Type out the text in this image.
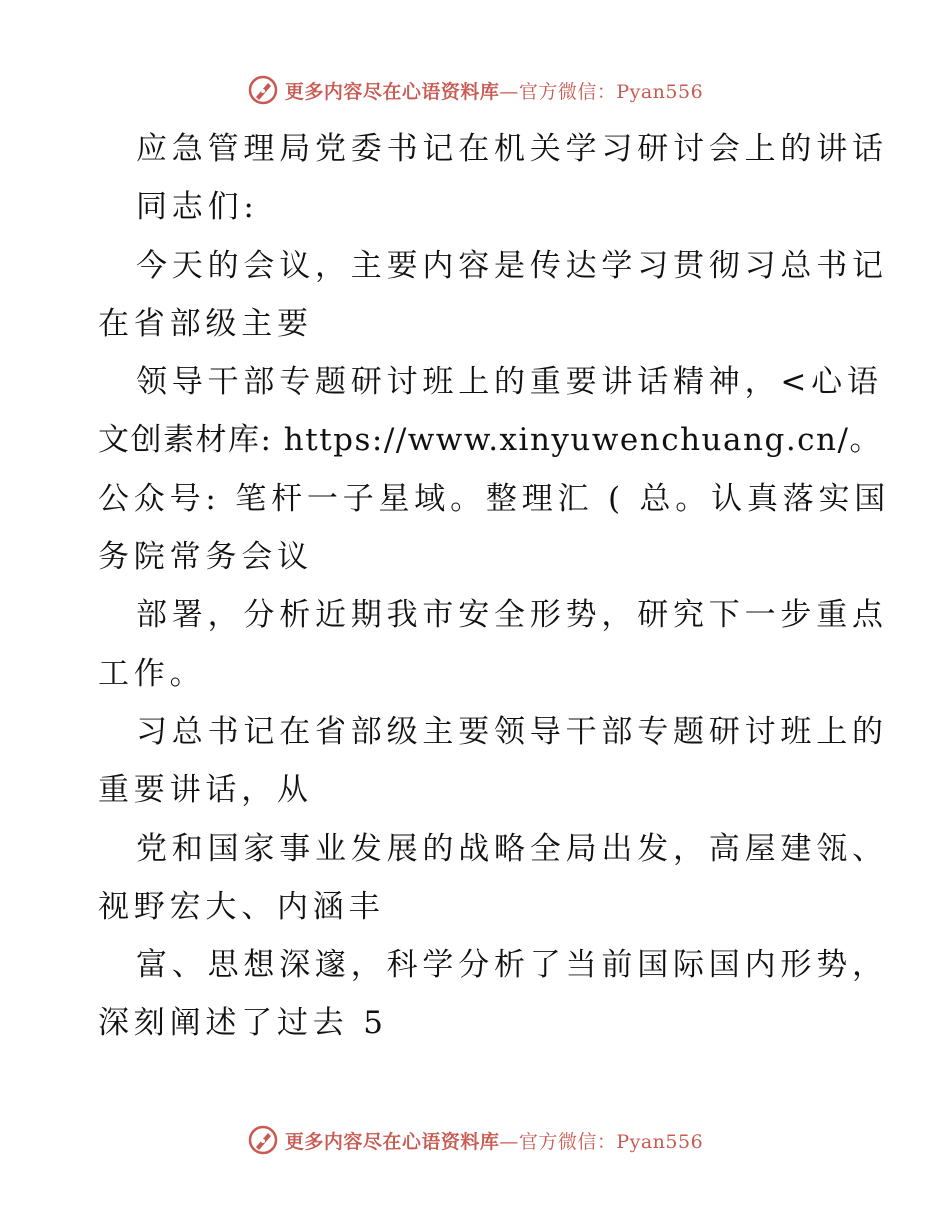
更多内容尽在心语资料库—官方微信：Pyan556
应急管理局党委书记在机关学习研讨会上的讲话
同志们:
今天的会议，主要内容是传达学习贯彻习总书记
在省部级主要
领导干部专题研讨班上的重要讲话精神，<心语
文创素材库: https://www.xinyuwenchuang.cn/。
公众号: 笔杆一子星域。整理汇 ( 总。认真落实国
务院常务会议
部署，分析近期我市安全形势，研究下一步重点
工作。
习总书记在省部级主要领导干部专题研讨班上的
重要讲话，从
党和国家事业发展的战略全局出发，高屋建瓴、
视野宏大、内涵丰
富、思想深邃，科学分析了当前国际国内形势，
深刻阐述了过去 5
更多内容尽在心语资料库—官方微信：Pyan556
